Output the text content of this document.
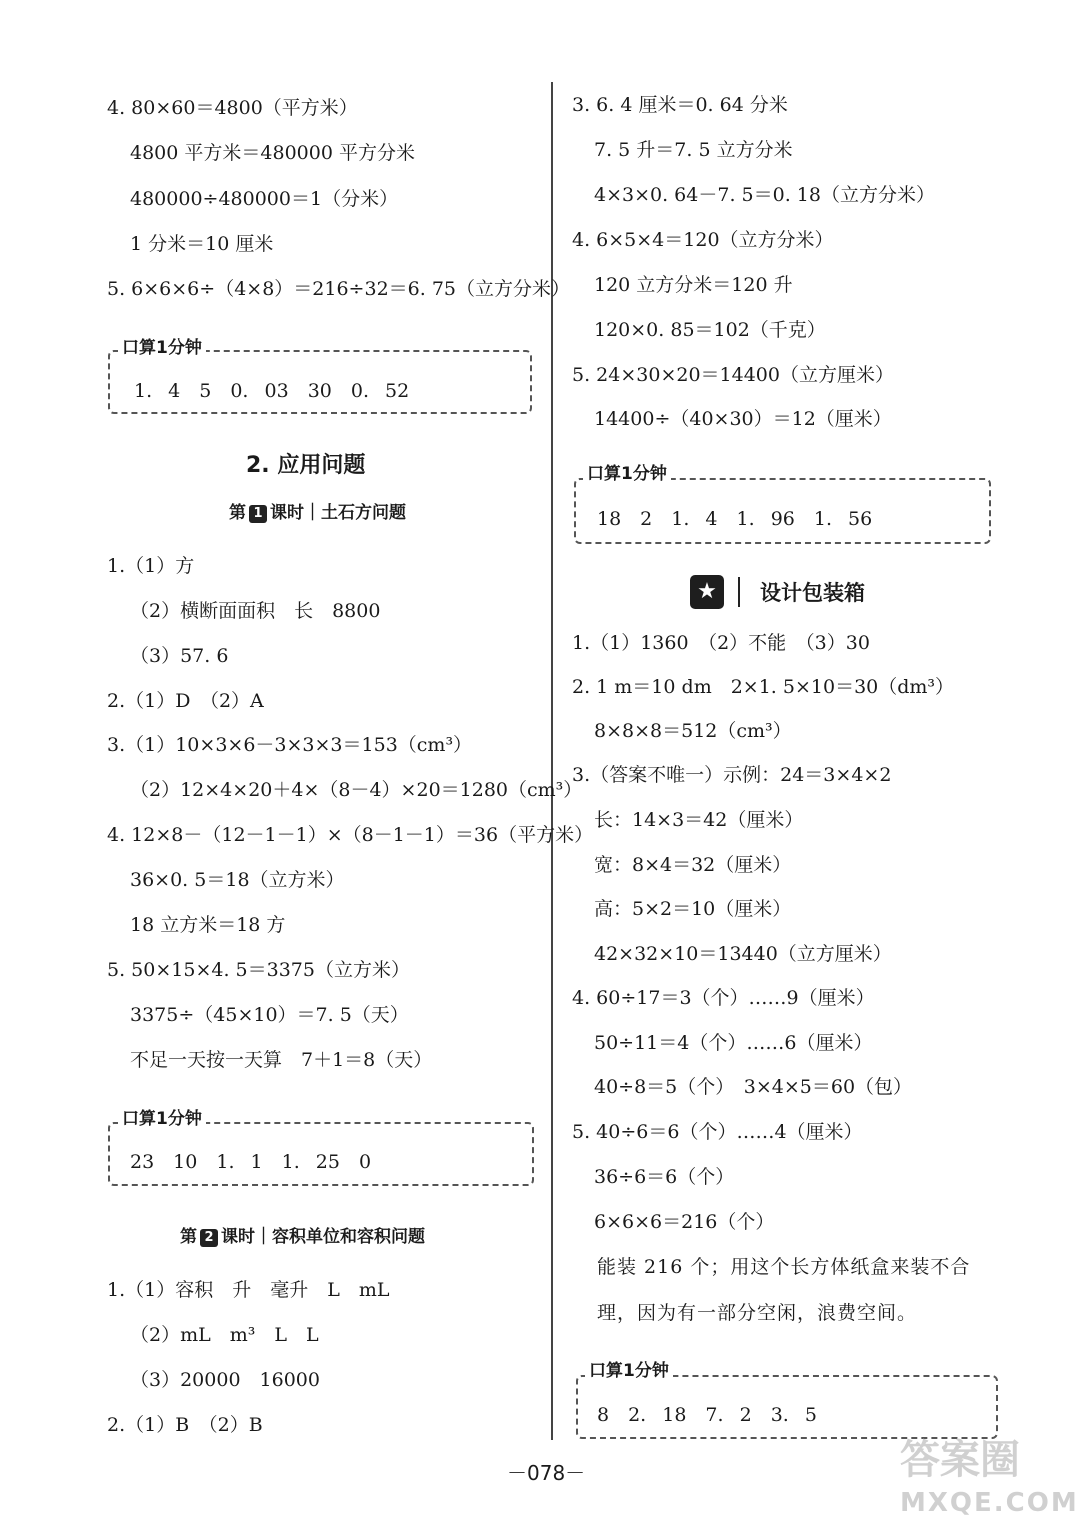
4. 80×60＝4800（平方米）
4800 平方米＝480000 平方分米
480000÷480000＝1（分米）
1 分米＝10 厘米
5. 6×6×6÷（4×8）＝216÷32＝6. 75（立方分米）
口算1分钟
1. 4　5　0. 03　30　0. 52
2. 应用问题
第 1 课时｜土石方问题
1.（1）方
（2）横断面面积　长　8800
（3）57. 6
2.（1）D　（2）A
3.（1）10×3×6－3×3×3＝153（cm³）
（2）12×4×20＋4×（8－4）×20＝1280（cm³）
4. 12×8－（12－1－1）×（8－1－1）＝36（平方米）
36×0. 5＝18（立方米）
18 立方米＝18 方
5. 50×15×4. 5＝3375（立方米）
3375÷（45×10）＝7. 5（天）
不足一天按一天算　7＋1＝8（天）
口算1分钟
23　10　1. 1　1. 25　0
第 2 课时｜容积单位和容积问题
1.（1）容积　升　毫升　L　mL
（2）mL　m³　L　L
（3）20000　16000
2.（1）B　（2）B
3. 6. 4 厘米＝0. 64 分米
7. 5 升＝7. 5 立方分米
4×3×0. 64－7. 5＝0. 18（立方分米）
4. 6×5×4＝120（立方分米）
120 立方分米＝120 升
120×0. 85＝102（千克）
5. 24×30×20＝14400（立方厘米）
14400÷（40×30）＝12（厘米）
口算1分钟
18　2　1. 4　1. 96　1. 56
★	设计包装箱
1.（1）1360　（2）不能　（3）30
2. 1 m＝10 dm　2×1. 5×10＝30（dm³）
8×8×8＝512（cm³）
3.（答案不唯一）示例：24＝3×4×2
长：14×3＝42（厘米）
宽：8×4＝32（厘米）
高：5×2＝10（厘米）
42×32×10＝13440（立方厘米）
4. 60÷17＝3（个）……9（厘米）
50÷11＝4（个）……6（厘米）
40÷8＝5（个）　3×4×5＝60（包）
5. 40÷6＝6（个）……4（厘米）
36÷6＝6（个）
6×6×6＝216（个）
能装 216 个；用这个长方体纸盒来装不合
理，因为有一部分空闲，浪费空间。
口算1分钟
8　2. 18　7. 2　3. 5
－078－	答案圈
MXQE.COM
